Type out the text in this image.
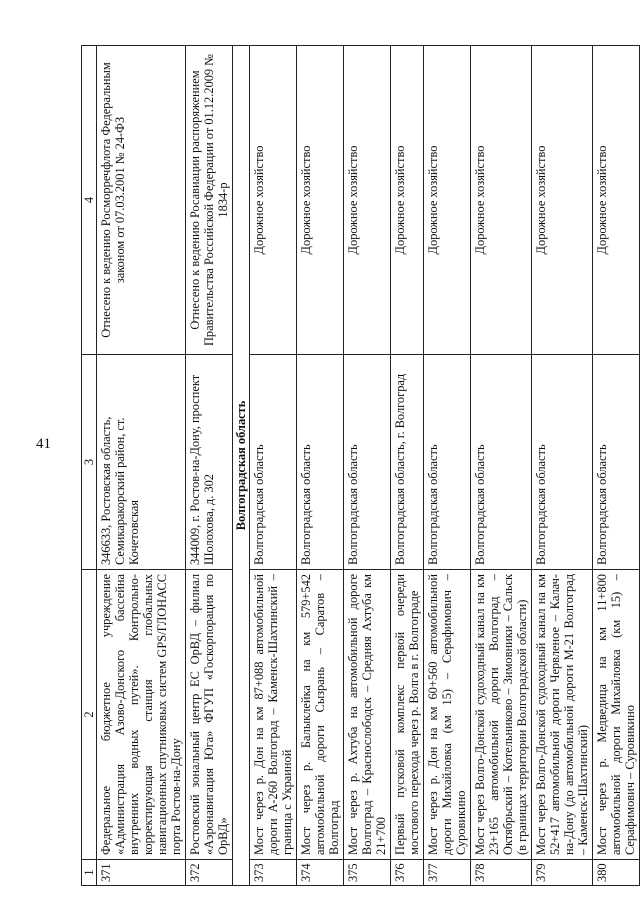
41
1	2	3	4
371	Федеральное бюджетное учреждение «Администрация Азово-Донского бассейна внутренних водных путей». Контрольно-корректирующая станция глобальных навигационных спутниковых систем GPS/ГЛОНАСС порта Ростов-на-Дону	346633, Ростовская область, Семикаракорский район, ст. Кочетовская	Отнесено к ведению Росморречфлота Федеральным законом от 07.03.2001 № 24-ФЗ
372	Ростовский зональный центр ЕС ОрВД – филиал «Аэронавигация Юга» ФГУП «Госкорпорация по ОрВД»	344009, г. Ростов-на-Дону, проспект Шолохова, д. 302	Отнесено к ведению Росавиации распоряжением Правительства Российской Федерации от 01.12.2009 № 1834-р
Волгоградская область			
373	Мост через р. Дон на км 87+088 автомобильной дороги А-260 Волгоград – Каменск-Шахтинский – граница с Украиной	Волгоградская область	Дорожное хозяйство
374	Мост через р. Балыклейка на км 579+542 автомобильной дороги Сызрань – Саратов – Волгоград	Волгоградская область	Дорожное хозяйство
375	Мост через р. Ахтуба на автомобильной дороге Волгоград – Краснослободск – Средняя Ахтуба км 21+700	Волгоградская область	Дорожное хозяйство
376	Первый пусковой комплекс первой очереди мостового перехода через р. Волга в г. Волгограде	Волгоградская область, г. Волгоград	Дорожное хозяйство
377	Мост через р. Дон на км 60+560 автомобильной дороги Михайловка (км 15) – Серафимович – Суровикино	Волгоградская область	Дорожное хозяйство
378	Мост через Волго-Донской судоходный канал на км 23+165 автомобильной дороги Волгоград – Октябрьский – Котельниково – Зимовники – Сальск (в границах территории Волгоградской области)	Волгоградская область	Дорожное хозяйство
379	Мост через Волго-Донской судоходный канал на км 52+417 автомобильной дороги Червленое – Калач-на-Дону (до автомобильной дороги М-21 Волгоград – Каменск-Шахтинский)	Волгоградская область	Дорожное хозяйство
380	Мост через р. Медведица на км 11+800 автомобильной дороги Михайловка (км 15) – Серафимович – Суровикино	Волгоградская область	Дорожное хозяйство
